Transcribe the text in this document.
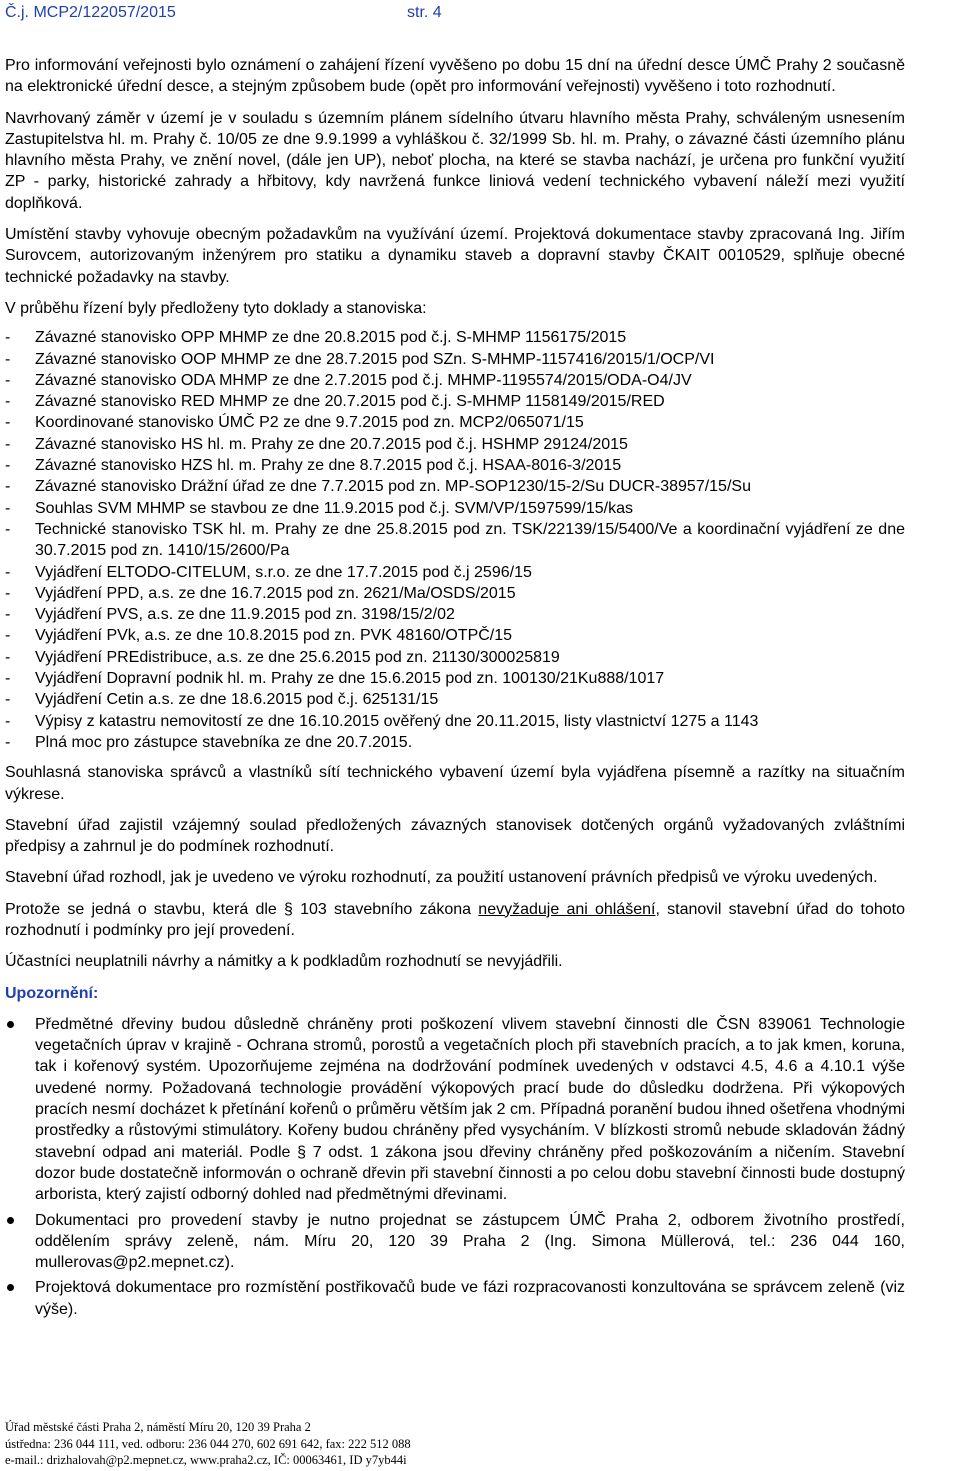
Č.j. MCP2/122057/2015	str. 4

Pro informování veřejnosti bylo oznámení o zahájení řízení vyvěšeno po dobu 15 dní na úřední desce ÚMČ Prahy 2 současně na elektronické úřední desce, a stejným způsobem bude (opět pro informování veřejnosti) vyvěšeno i toto rozhodnutí.

Navrhovaný záměr v území je v souladu s územním plánem sídelního útvaru hlavního města Prahy, schváleným usnesením Zastupitelstva hl. m. Prahy č. 10/05 ze dne 9.9.1999 a vyhláškou č. 32/1999 Sb. hl. m. Prahy, o závazné části územního plánu hlavního města Prahy, ve znění novel, (dále jen UP), neboť plocha, na které se stavba nachází, je určena pro funkční využití ZP - parky, historické zahrady a hřbitovy, kdy navržená funkce liniová vedení technického vybavení náleží mezi využití doplňková.

Umístění stavby vyhovuje obecným požadavkům na využívání území. Projektová dokumentace stavby zpracovaná Ing. Jiřím Surovcem, autorizovaným inženýrem pro statiku a dynamiku staveb a dopravní stavby ČKAIT 0010529, splňuje obecné technické požadavky na stavby.

V průběhu řízení byly předloženy tyto doklady a stanoviska:

- Závazné stanovisko OPP MHMP ze dne 20.8.2015 pod č.j. S-MHMP 1156175/2015
- Závazné stanovisko OOP MHMP ze dne 28.7.2015 pod SZn. S-MHMP-1157416/2015/1/OCP/VI
- Závazné stanovisko ODA MHMP ze dne 2.7.2015 pod č.j. MHMP-1195574/2015/ODA-O4/JV
- Závazné stanovisko RED MHMP ze dne 20.7.2015 pod č.j. S-MHMP 1158149/2015/RED
- Koordinované stanovisko ÚMČ P2 ze dne 9.7.2015 pod zn. MCP2/065071/15
- Závazné stanovisko HS hl. m. Prahy ze dne 20.7.2015 pod č.j. HSHMP 29124/2015
- Závazné stanovisko HZS hl. m. Prahy ze dne 8.7.2015 pod č.j. HSAA-8016-3/2015
- Závazné stanovisko Drážní úřad ze dne 7.7.2015 pod zn. MP-SOP1230/15-2/Su DUCR-38957/15/Su
- Souhlas SVM MHMP se stavbou ze dne 11.9.2015 pod č.j. SVM/VP/1597599/15/kas
- Technické stanovisko TSK hl. m. Prahy ze dne 25.8.2015 pod zn. TSK/22139/15/5400/Ve a koordinační vyjádření ze dne 30.7.2015 pod zn. 1410/15/2600/Pa
- Vyjádření ELTODO-CITELUM, s.r.o. ze dne 17.7.2015 pod č.j 2596/15
- Vyjádření PPD, a.s. ze dne 16.7.2015 pod zn. 2621/Ma/OSDS/2015
- Vyjádření PVS, a.s. ze dne 11.9.2015 pod zn. 3198/15/2/02
- Vyjádření PVk, a.s. ze dne 10.8.2015 pod zn. PVK 48160/OTPČ/15
- Vyjádření PREdistribuce, a.s. ze dne 25.6.2015 pod zn. 21130/300025819
- Vyjádření Dopravní podnik hl. m. Prahy ze dne 15.6.2015 pod zn. 100130/21Ku888/1017
- Vyjádření Cetin a.s. ze dne 18.6.2015 pod č.j. 625131/15
- Výpisy z katastru nemovitostí ze dne 16.10.2015 ověřený dne 20.11.2015, listy vlastnictví 1275 a 1143
- Plná moc pro zástupce stavebníka ze dne 20.7.2015.

Souhlasná stanoviska správců a vlastníků sítí technického vybavení území byla vyjádřena písemně a razítky na situačním výkrese.

Stavební úřad zajistil vzájemný soulad předložených závazných stanovisek dotčených orgánů vyžadovaných zvláštními předpisy a zahrnul je do podmínek rozhodnutí.

Stavební úřad rozhodl, jak je uvedeno ve výroku rozhodnutí, za použití ustanovení právních předpisů ve výroku uvedených.

Protože se jedná o stavbu, která dle § 103 stavebního zákona nevyžaduje ani ohlášení, stanovil stavební úřad do tohoto rozhodnutí i podmínky pro její provedení.

Účastníci neuplatnili návrhy a námitky a k podkladům rozhodnutí se nevyjádřili.

Upozornění:

Předmětné dřeviny budou důsledně chráněny proti poškození vlivem stavební činnosti dle ČSN 839061 Technologie vegetačních úprav v krajině - Ochrana stromů, porostů a vegetačních ploch při stavebních pracích, a to jak kmen, koruna, tak i kořenový systém. Upozorňujeme zejména na dodržování podmínek uvedených v odstavci 4.5, 4.6 a 4.10.1 výše uvedené normy. Požadovaná technologie provádění výkopových prací bude do důsledku dodržena. Při výkopových pracích nesmí docházet k přetínání kořenů o průměru větším jak 2 cm. Případná poranění budou ihned ošetřena vhodnými prostředky a růstovými stimulátory. Kořeny budou chráněny před vysycháním. V blízkosti stromů nebude skladován žádný stavební odpad ani materiál. Podle § 7 odst. 1 zákona jsou dřeviny chráněny před poškozováním a ničením. Stavební dozor bude dostatečně informován o ochraně dřevin při stavební činnosti a po celou dobu stavební činnosti bude dostupný arborista, který zajistí odborný dohled nad předmětnými dřevinami.
Dokumentaci pro provedení stavby je nutno projednat se zástupcem ÚMČ Praha 2, odborem životního prostředí, oddělením správy zeleně, nám. Míru 20, 120 39 Praha 2 (Ing. Simona Müllerová, tel.: 236 044 160, mullerovas@p2.mepnet.cz).
Projektová dokumentace pro rozmístění postřikovačů bude ve fázi rozpracovanosti konzultována se správcem zeleně (viz výše).
Úřad městské části Praha 2, náměstí Míru 20, 120 39 Praha 2
ústředna: 236 044 111, ved. odboru: 236 044 270, 602 691 642, fax: 222 512 088
e-mail.: drizhalovah@p2.mepnet.cz, www.praha2.cz, IČ: 00063461, ID y7yb44i
